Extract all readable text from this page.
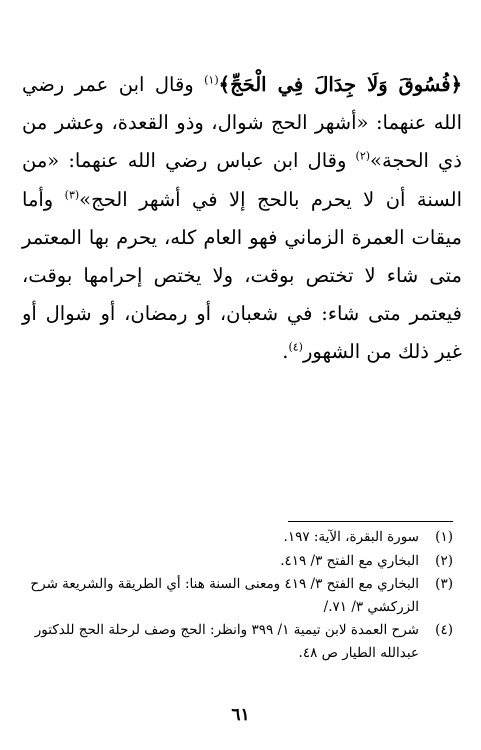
﴿فُسُوقَ وَلَا جِدَالَ فِي الْحَجِّ﴾$^{(١)}$ وقال ابن عمر رضي الله عنهما: «أشهر الحج شوال، وذو القعدة، وعشر من ذي الحجة»$^{(٢)}$ وقال ابن عباس رضي الله عنهما: «من السنة أن لا يحرم بالحج إلا في أشهر الحج»$^{(٣)}$ وأما ميقات العمرة الزماني فهو العام كله، يحرم بها المعتمر متى شاء لا تختص بوقت، ولا يختص إحرامها بوقت، فيعتمر متى شاء: في شعبان، أو رمضان، أو شوال أو غير ذلك من الشهور$^{(٤)}$.

(١)
سورة البقرة، الآية: ١٩٧.
(٢)
البخاري مع الفتح ٣/ ٤١٩.
(٣)
البخاري مع الفتح ٣/ ٤١٩ ومعنى السنة هنا: أي الطريقة والشريعة شرح الزركشي ٣/ ٧١./
(٤)
شرح العمدة لابن تيمية ١/ ٣٩٩ وانظر: الحج وصف لرحلة الحج للدكتور عبدالله الطيار ص ٤٨.
٦١
